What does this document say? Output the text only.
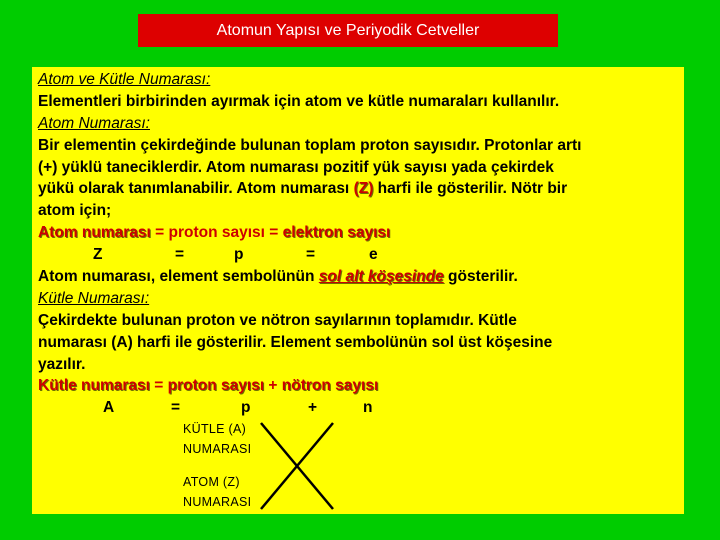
Atomun Yapısı ve Periyodik Cetveller
Atom ve Kütle Numarası:
Elementleri birbirinden ayırmak için atom ve kütle numaraları kullanılır.
Atom Numarası:
Bir elementin çekirdeğinde bulunan toplam proton sayısıdır. Protonlar artı
(+) yüklü taneciklerdir. Atom numarası pozitif yük sayısı yada çekirdek
yükü olarak tanımlanabilir. Atom numarası (Z) harfi ile gösterilir. Nötr bir
atom için;
Atom numarası = proton sayısı = elektron sayısı
Z	=	p	=	e
Atom numarası, element sembolünün sol alt köşesinde gösterilir.
Kütle Numarası:
Çekirdekte bulunan proton ve nötron sayılarının toplamıdır. Kütle
numarası (A) harfi ile gösterilir. Element sembolünün sol üst köşesine
yazılır.
Kütle numarası = proton sayısı + nötron sayısı
A	=	p	+	n
KÜTLE (A)
NUMARASI
ATOM (Z)
NUMARASI
